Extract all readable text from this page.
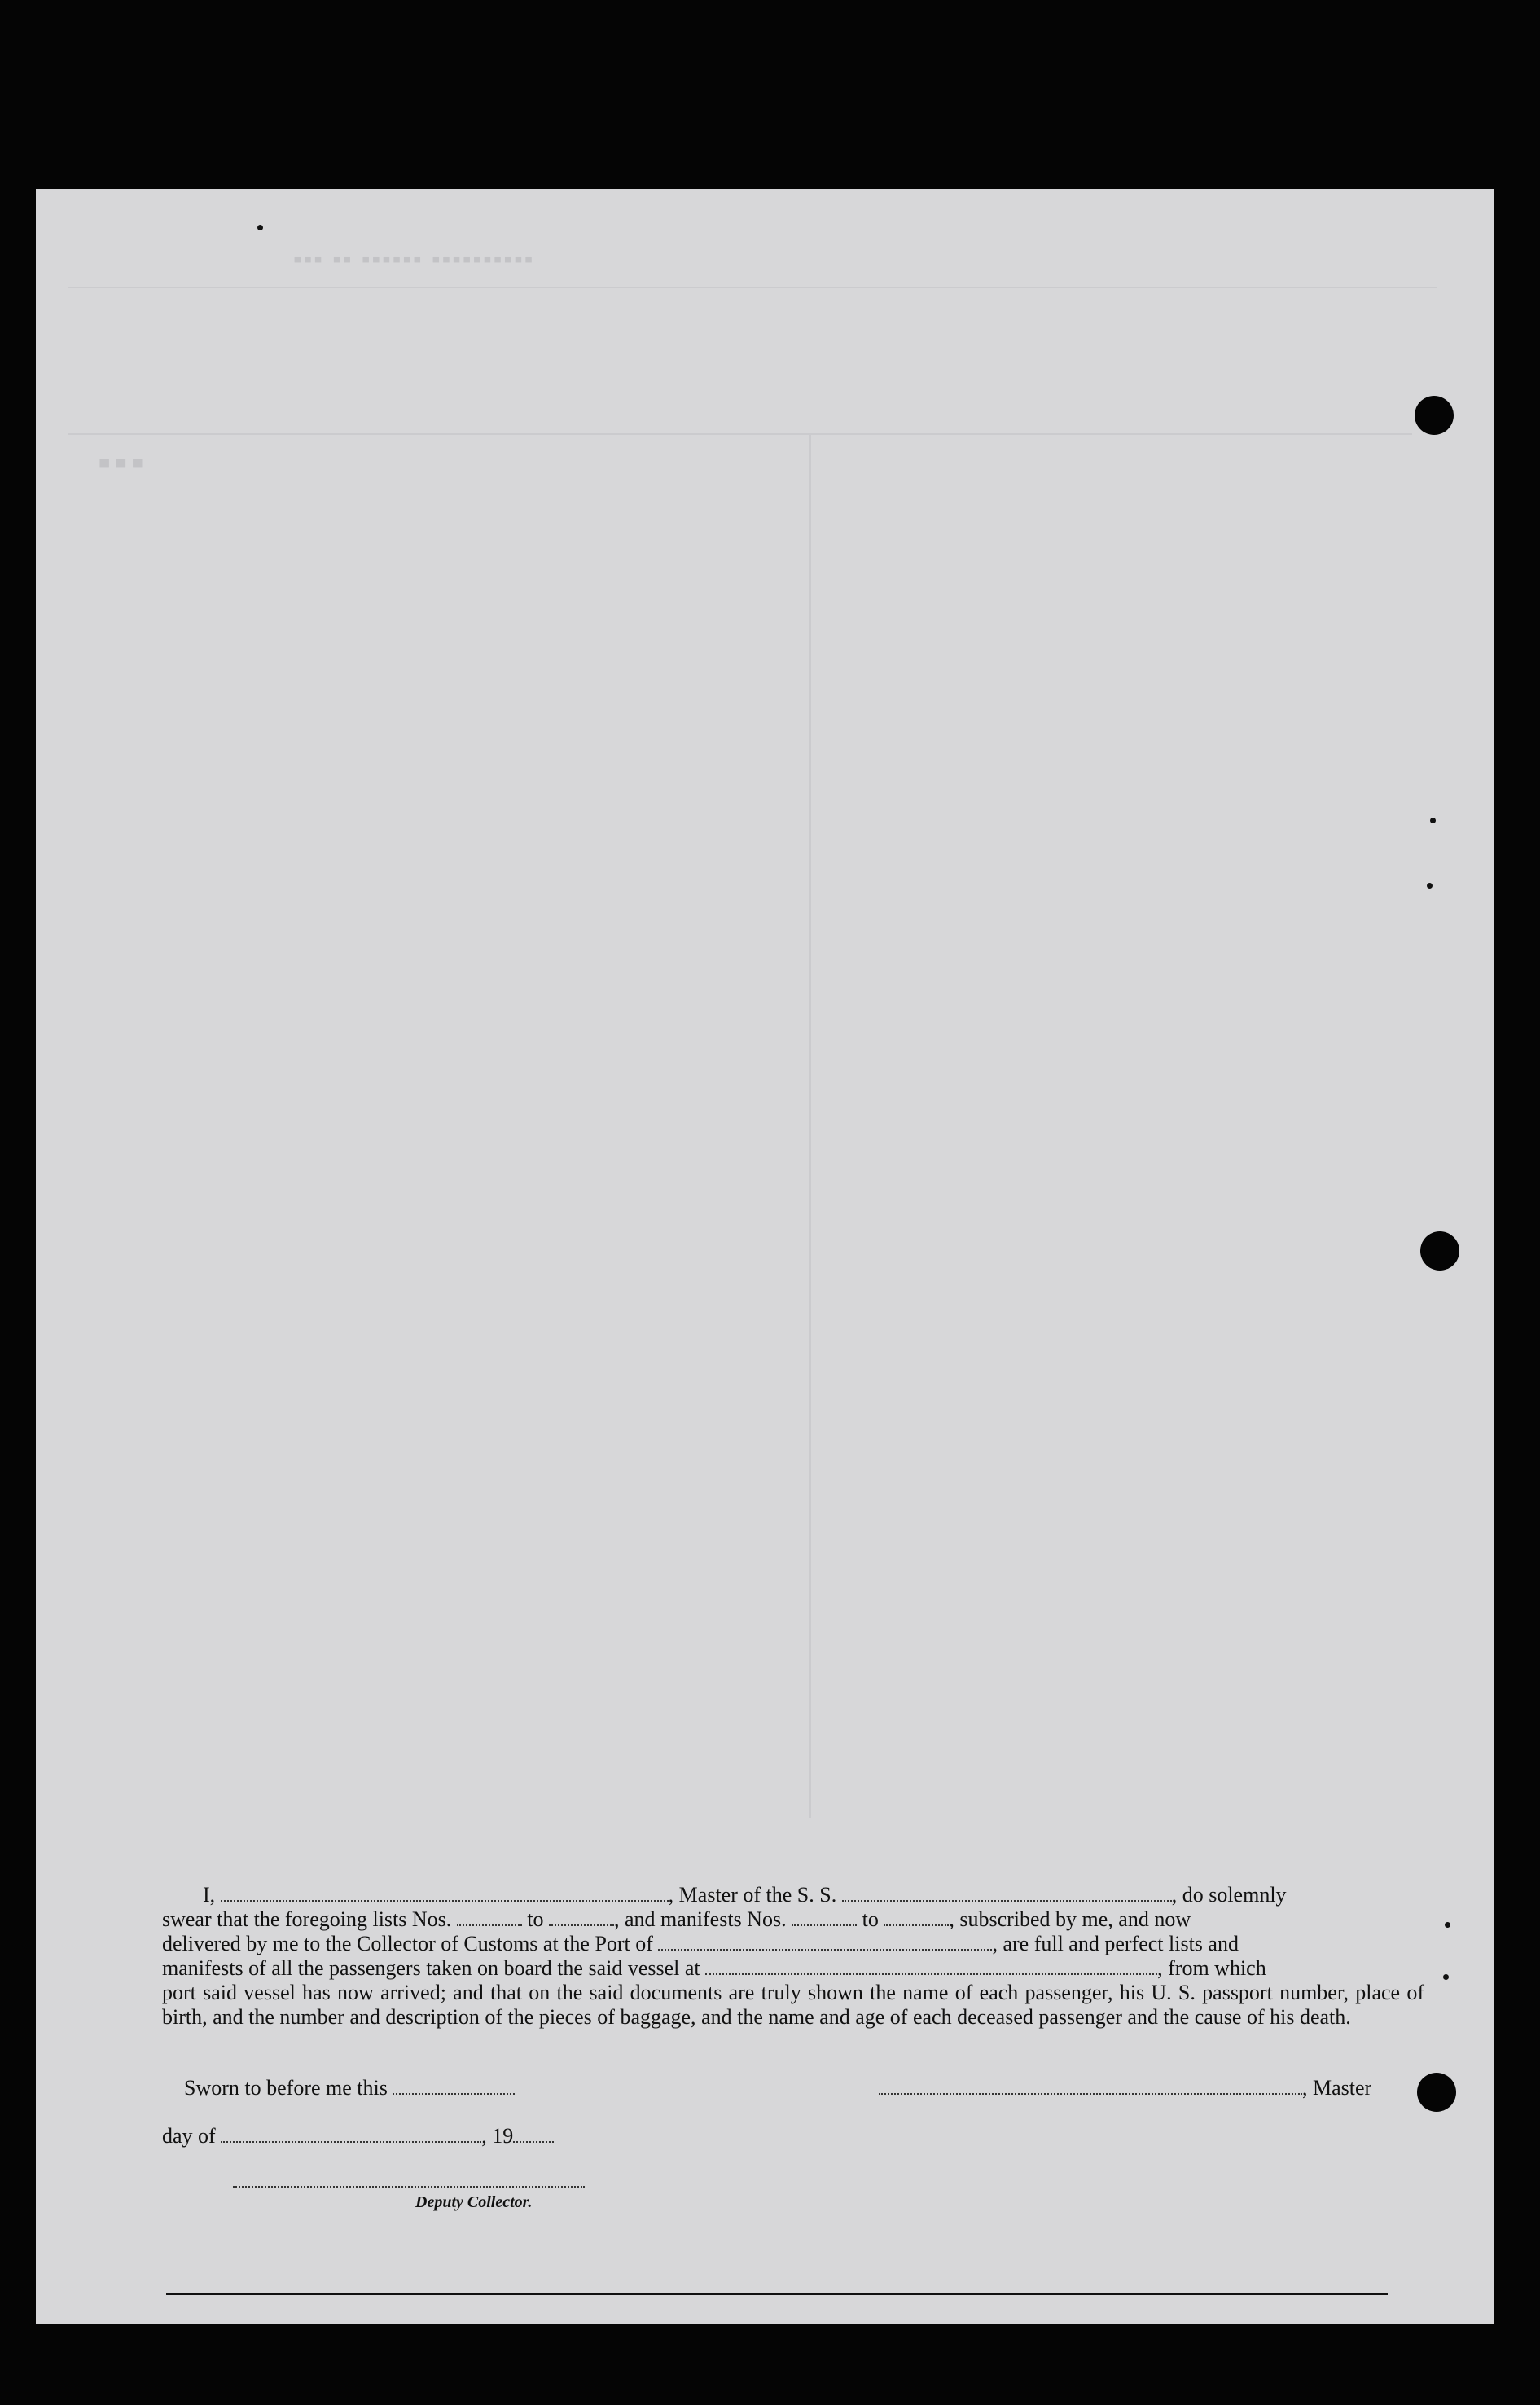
▪▪▪ ▪▪ ▪▪▪▪▪▪ ▪▪▪▪▪▪▪▪▪▪
▪▪▪

I,	, Master of the S. S.	, do solemnly

swear that the foregoing lists Nos.	to	, and manifests Nos.	to	, subscribed by me, and now

delivered by me to the Collector of Customs at the Port of	, are full and perfect lists and

manifests of all the passengers taken on board the said vessel at	, from which

port said vessel has now arrived; and that on the said documents are truly shown the name of each passenger, his U. S. passport number, place of birth, and the number and description of the pieces of baggage, and the name and age of each deceased passenger and the cause of his death.

Sworn to before me this	, Master
day of	, 19
Deputy Collector.
